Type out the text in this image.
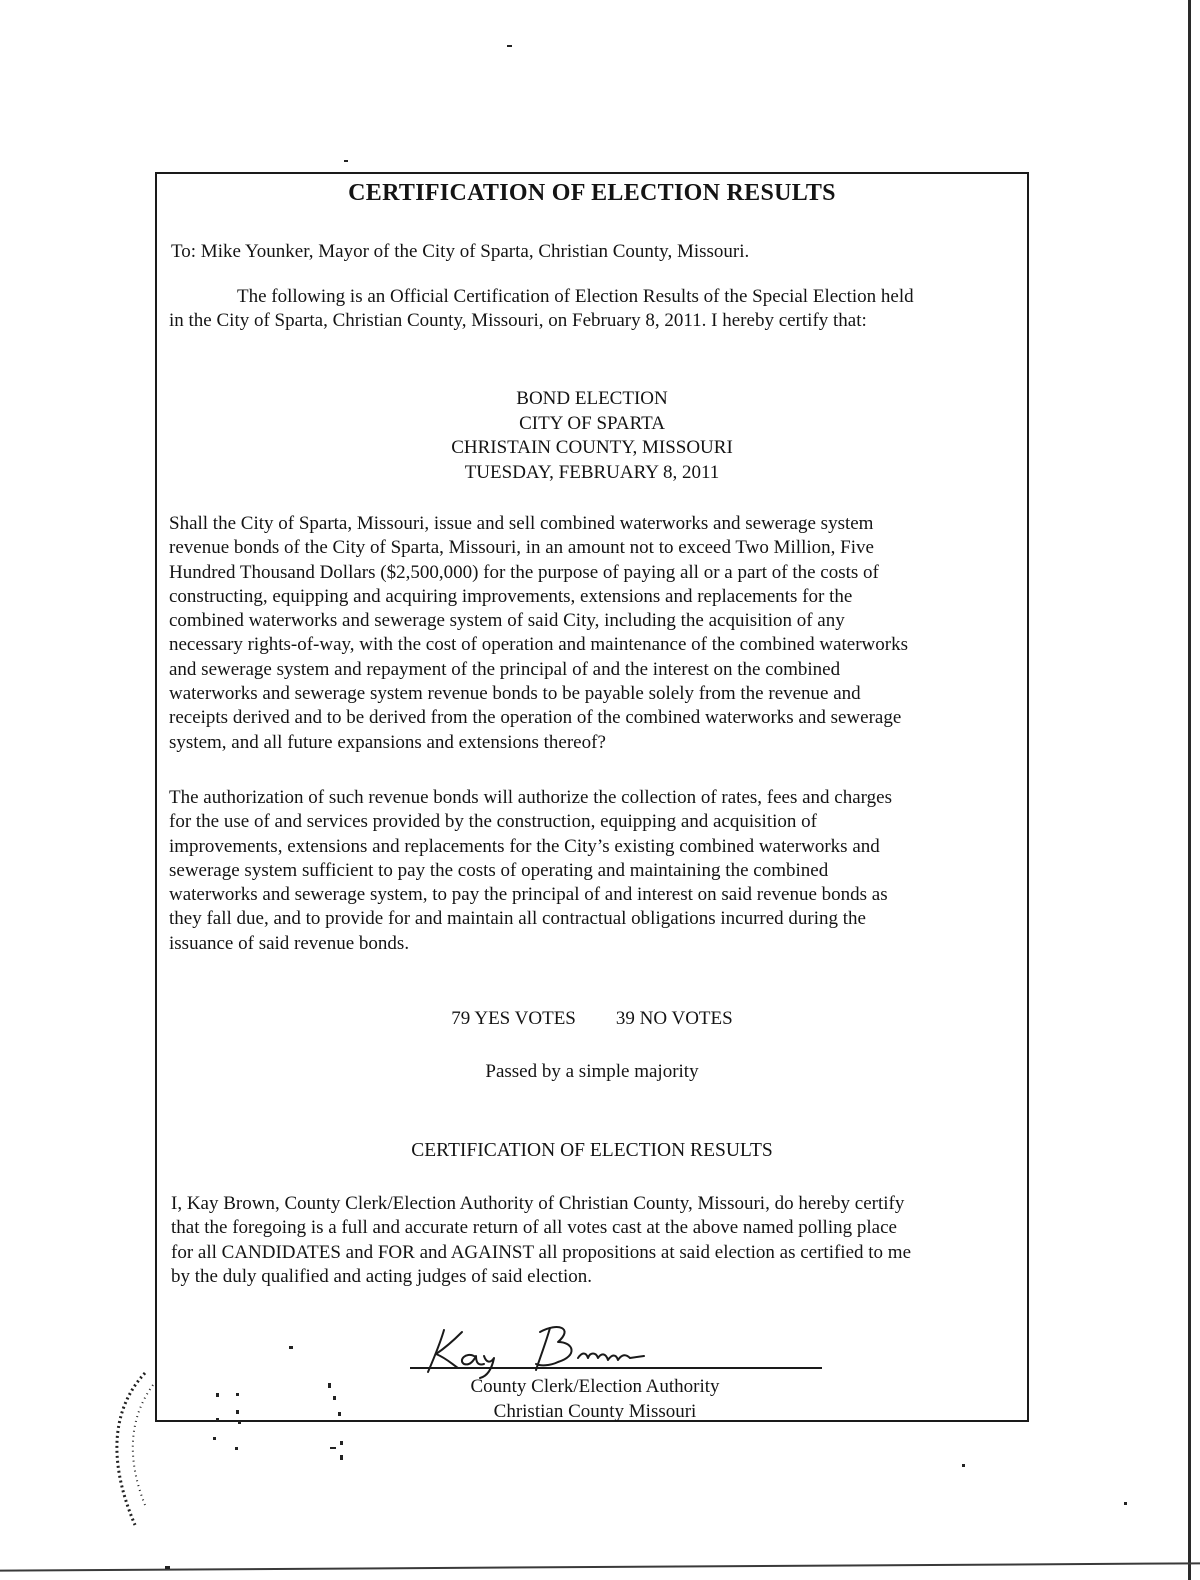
CERTIFICATION OF ELECTION RESULTS
To: Mike Younker, Mayor of the City of Sparta, Christian County, Missouri.
The following is an Official Certification of Election Results of the Special Election held
in the City of Sparta, Christian County, Missouri, on February 8, 2011. I hereby certify that:
BOND ELECTION
CITY OF SPARTA
CHRISTAIN COUNTY, MISSOURI
TUESDAY, FEBRUARY 8, 2011
Shall the City of Sparta, Missouri, issue and sell combined waterworks and sewerage system
revenue bonds of the City of Sparta, Missouri, in an amount not to exceed Two Million, Five
Hundred Thousand Dollars ($2,500,000) for the purpose of paying all or a part of the costs of
constructing, equipping and acquiring improvements, extensions and replacements for the
combined waterworks and sewerage system of said City, including the acquisition of any
necessary rights-of-way, with the cost of operation and maintenance of the combined waterworks
and sewerage system and repayment of the principal of and the interest on the combined
waterworks and sewerage system revenue bonds to be payable solely from the revenue and
receipts derived and to be derived from the operation of the combined waterworks and sewerage
system, and all future expansions and extensions thereof?
The authorization of such revenue bonds will authorize the collection of rates, fees and charges
for the use of and services provided by the construction, equipping and acquisition of
improvements, extensions and replacements for the City’s existing combined waterworks and
sewerage system sufficient to pay the costs of operating and maintaining the combined
waterworks and sewerage system, to pay the principal of and interest on said revenue bonds as
they fall due, and to provide for and maintain all contractual obligations incurred during the
issuance of said revenue bonds.
79 YES VOTES 39 NO VOTES
Passed by a simple majority
CERTIFICATION OF ELECTION RESULTS
I, Kay Brown, County Clerk/Election Authority of Christian County, Missouri, do hereby certify
that the foregoing is a full and accurate return of all votes cast at the above named polling place
for all CANDIDATES and FOR and AGAINST all propositions at said election as certified to me
by the duly qualified and acting judges of said election.
County Clerk/Election Authority
Christian County Missouri
